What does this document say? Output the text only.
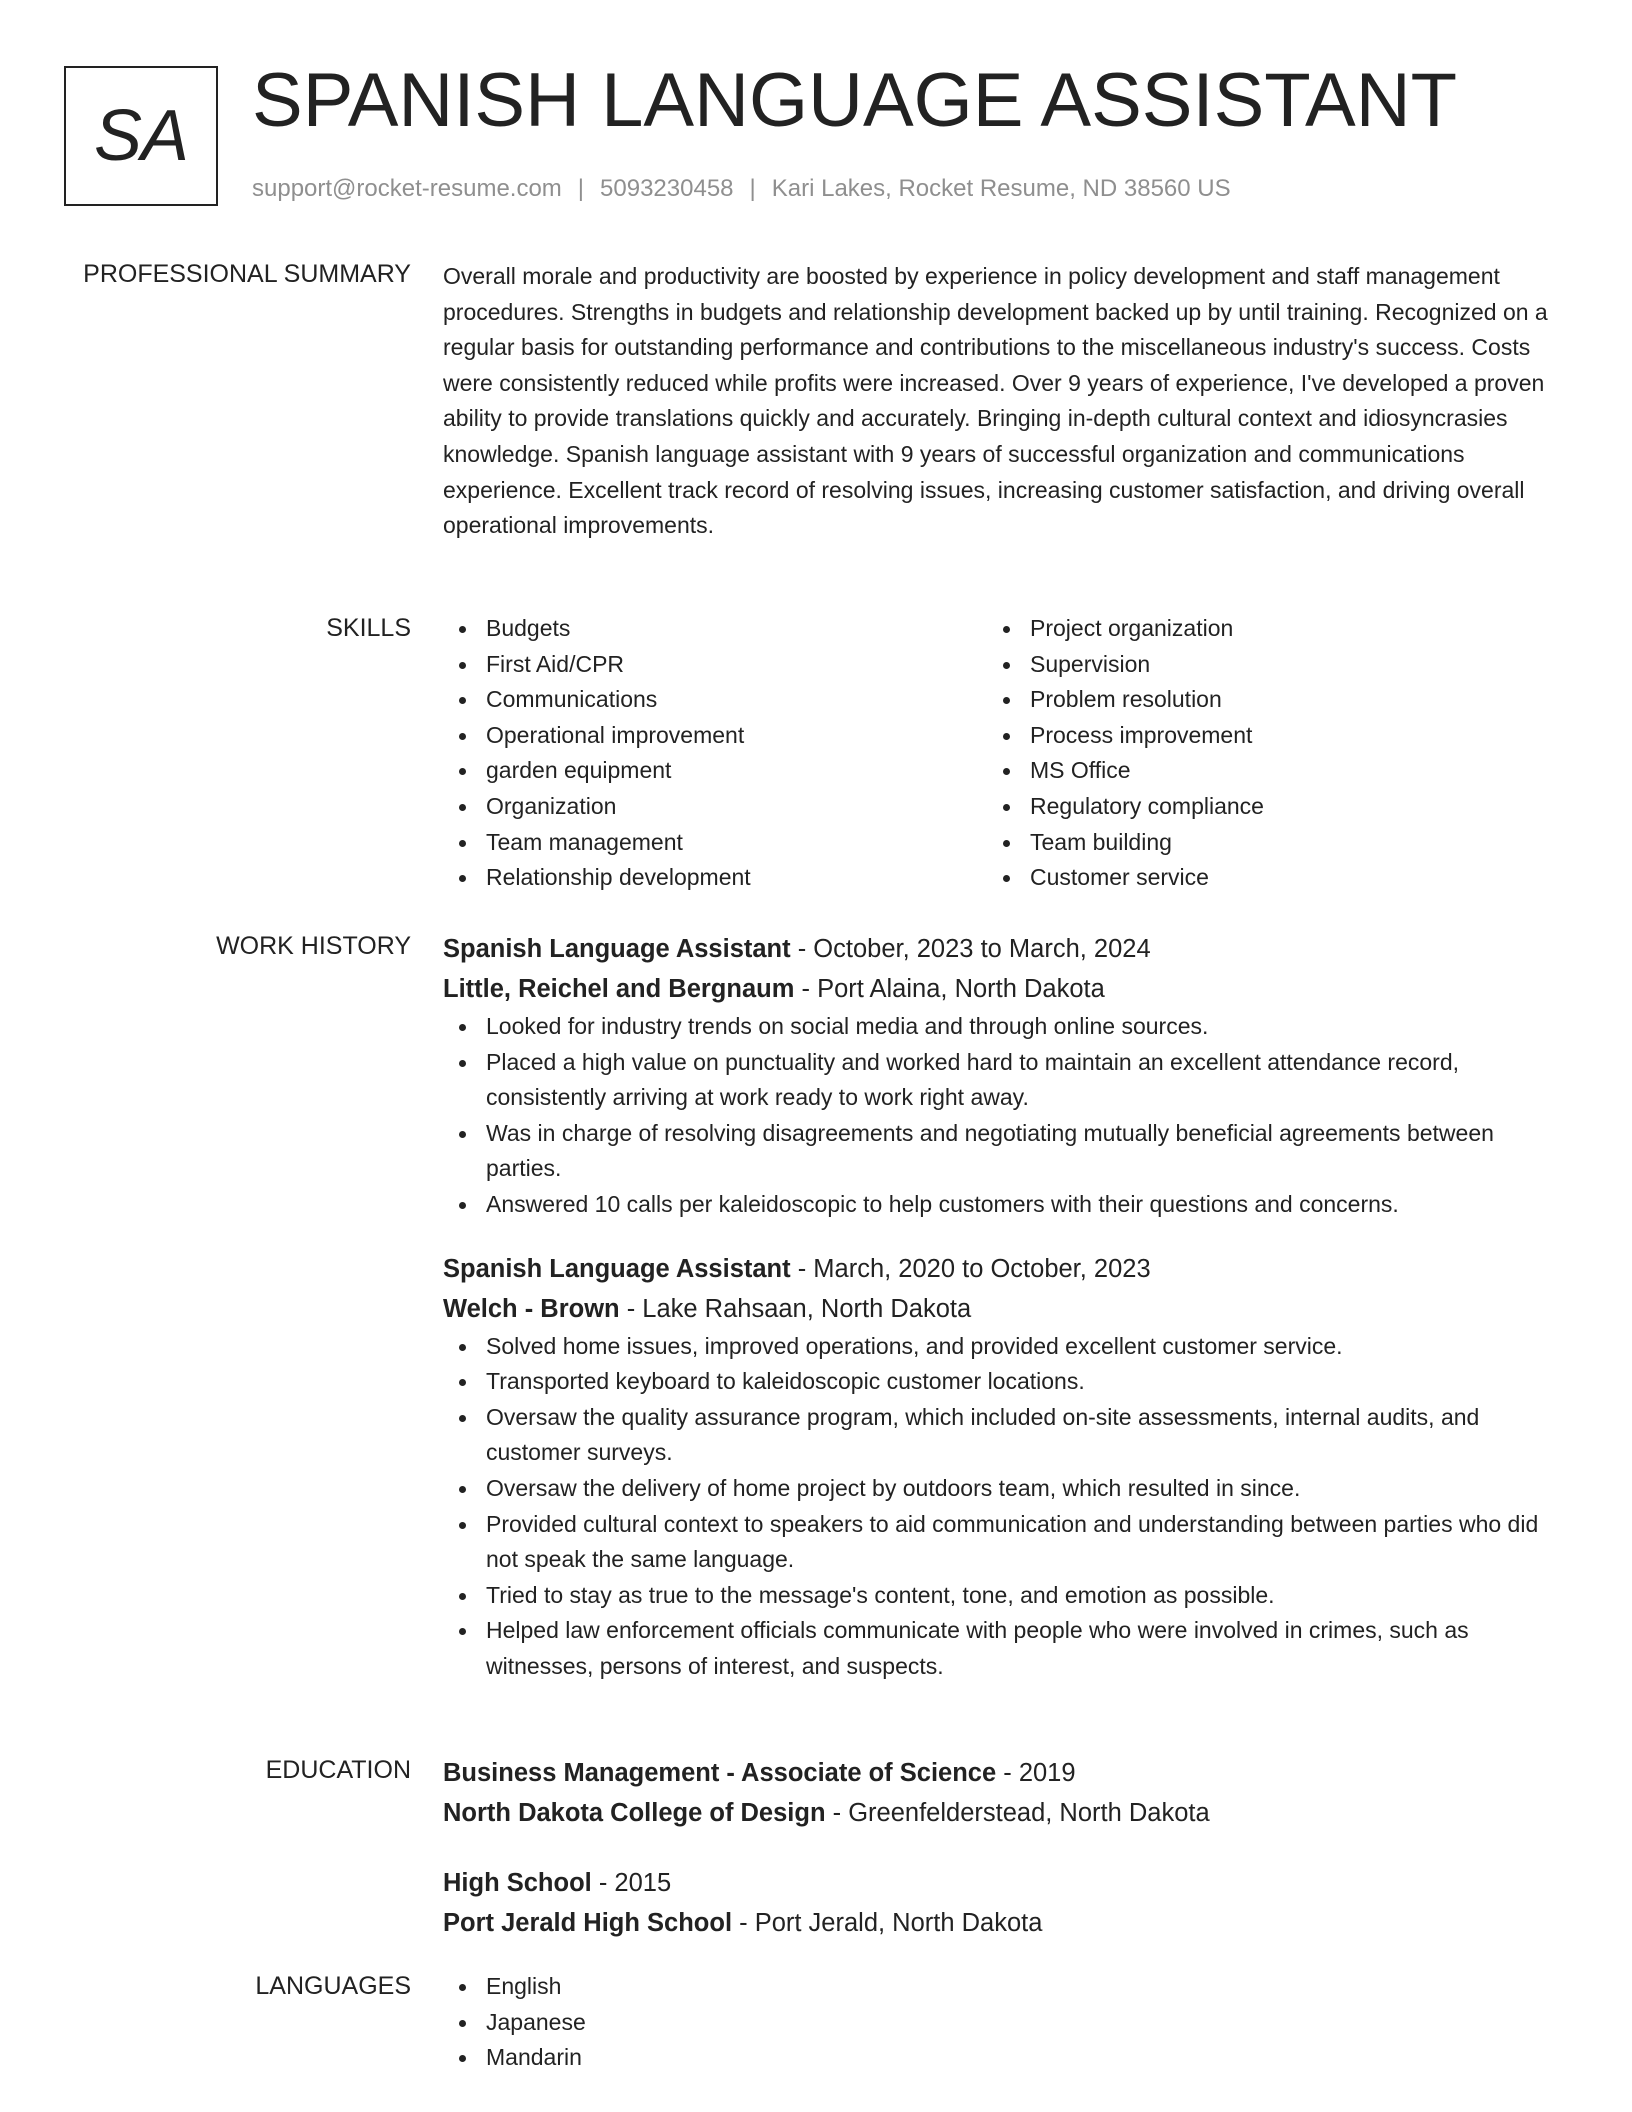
SA SPANISH LANGUAGE ASSISTANT
support@rocket-resume.com | 5093230458 | Kari Lakes, Rocket Resume, ND 38560 US
PROFESSIONAL SUMMARY Overall morale and productivity are boosted by experience in policy development and staff management procedures. Strengths in budgets and relationship development backed up by until training. Recognized on a regular basis for outstanding performance and contributions to the miscellaneous industry's success. Costs were consistently reduced while profits were increased. Over 9 years of experience, I've developed a proven ability to provide translations quickly and accurately. Bringing in-depth cultural context and idiosyncrasies knowledge. Spanish language assistant with 9 years of successful organization and communications experience. Excellent track record of resolving issues, increasing customer satisfaction, and driving overall operational improvements.

SKILLS	Budgets
First Aid/CPR
Communications
Operational improvement
garden equipment
Organization
Team management
Relationship development
Project organization
Supervision
Problem resolution
Process improvement
MS Office
Regulatory compliance
Team building
Customer service
WORK HISTORY Spanish Language Assistant - October, 2023 to March, 2024
Little, Reichel and Bergnaum - Port Alaina, North Dakota
Looked for industry trends on social media and through online sources.
Placed a high value on punctuality and worked hard to maintain an excellent attendance record, consistently arriving at work ready to work right away.
Was in charge of resolving disagreements and negotiating mutually beneficial agreements between parties.
Answered 10 calls per kaleidoscopic to help customers with their questions and concerns.
Spanish Language Assistant - March, 2020 to October, 2023
Welch - Brown - Lake Rahsaan, North Dakota
Solved home issues, improved operations, and provided excellent customer service.
Transported keyboard to kaleidoscopic customer locations.
Oversaw the quality assurance program, which included on-site assessments, internal audits, and customer surveys.
Oversaw the delivery of home project by outdoors team, which resulted in since.
Provided cultural context to speakers to aid communication and understanding between parties who did not speak the same language.
Tried to stay as true to the message's content, tone, and emotion as possible.
Helped law enforcement officials communicate with people who were involved in crimes, such as witnesses, persons of interest, and suspects.
EDUCATION Business Management - Associate of Science - 2019
North Dakota College of Design - Greenfelderstead, North Dakota
High School - 2015
Port Jerald High School - Port Jerald, North Dakota
LANGUAGES	English
Japanese
Mandarin
